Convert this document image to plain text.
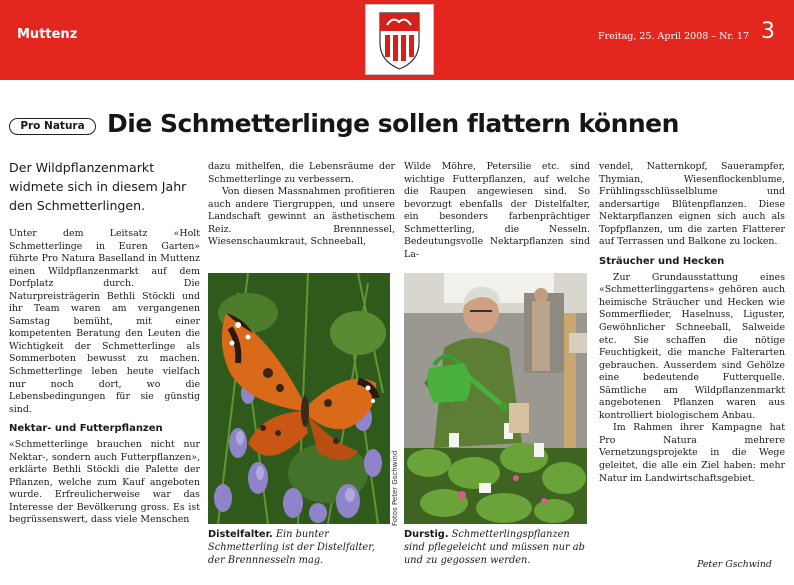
Muttenz	Freitag, 25. April 2008 – Nr. 17 3
Pro Natura Die Schmetterlinge sollen flattern können
Der Wildpflanzenmarkt widmete sich in diesem Jahr den Schmetterlingen.

Unter dem Leitsatz «Holt Schmetterlinge in Euren Garten» führte Pro Natura Baselland in Muttenz einen Wildpflanzenmarkt auf dem Dorfplatz durch. Die Naturpreisträgerin Bethli Stöckli und ihr Team waren am vergangenen Samstag bemüht, mit einer kompetenten Beratung den Leuten die Wichtigkeit der Schmetterlinge als Sommerboten bewusst zu machen. Schmetterlinge leben heute vielfach nur noch dort, wo die Lebensbedingungen für sie günstig sind.

Nektar- und Futterpflanzen

«Schmetterlinge brauchen nicht nur Nektar-, sondern auch Futterpflanzen», erklärte Bethli Stöckli die Palette der Pflanzen, welche zum Kauf angeboten wurde. Erfreulicherweise war das Interesse der Bevölkerung gross. Es ist begrüssenswert, dass viele Menschen

dazu mithelfen, die Lebensräume der Schmetterlinge zu verbessern.

Von diesen Massnahmen profitieren auch andere Tiergruppen, und unsere Landschaft gewinnt an ästhetischem Reiz. Brennnessel, Wiesenschaumkraut, Schneeball,

Wilde Möhre, Petersilie etc. sind wichtige Futterpflanzen, auf welche die Raupen angewiesen sind. So bevorzugt ebenfalls der Distelfalter, ein besonders farbenprächtiger Schmetterling, die Nesseln. Bedeutungsvolle Nektarpflanzen sind La-

vendel, Natternkopf, Sauerampfer, Thymian, Wiesenflockenblume, Frühlingsschlüsselblume und andersartige Blütenpflanzen. Diese Nektarpflanzen eignen sich auch als Topfpflanzen, um die zarten Flatterer auf Terrassen und Balkone zu locken.

Sträucher und Hecken

Zur Grundausstattung eines «Schmetterlinggartens» gehören auch heimische Sträucher und Hecken wie Sommerflieder, Haselnuss, Liguster, Gewöhnlicher Schneeball, Salweide etc. Sie schaffen die nötige Feuchtigkeit, die manche Falterarten gebrauchen. Ausserdem sind Gehölze eine bedeutende Futterquelle. Sämtliche am Wildpflanzenmarkt angebotenen Pflanzen waren aus kontrolliert biologischem Anbau.

Im Rahmen ihrer Kampagne hat Pro Natura mehrere Vernetzungsprojekte in die Wege geleitet, die alle ein Ziel haben: mehr Natur im Landwirtschaftsgebiet.

Fotos Peter Gschwind
Distelfalter. Ein bunter Schmetterling ist der Distelfalter, der Brennnesseln mag.
Durstig. Schmetterlingspflanzen sind pflegeleicht und müssen nur ab und zu gegossen werden.	Peter Gschwind
